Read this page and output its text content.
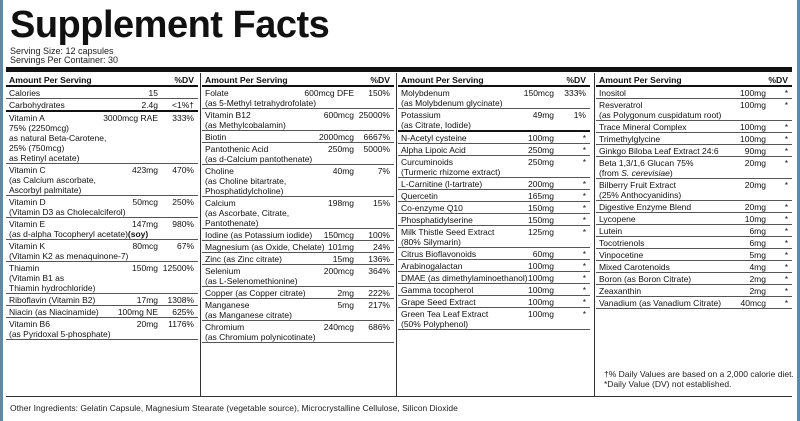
Supplement Facts
Serving Size: 12 capsules
Servings Per Container: 30
Amount Per Serving	%DV
Calories	15
Carbohydrates	2.4g <1%†
Vitamin A
75% (2250mcg)
as natural Beta-Carotene,
25% (750mcg)
as Retinyl acetate)
3000mcg RAE 333%
Vitamin C
(as Calcium ascorbate,
Ascorbyl palmitate)
423mg 470%
Vitamin D
(Vitamin D3 as Cholecalciferol)
50mcg 250%
Vitamin E
(as d-alpha Tocopheryl acetate)(soy)
147mg 980%
Vitamin K
(Vitamin K2 as menaquinone-7)
80mcg 67%
Thiamin
(Vitamin B1 as
Thiamin hydrochloride)
150mg 12500%
Riboflavin (Vitamin B2)	17mg 1308%
Niacin (as Niacinamide)	100mg NE 625%
Vitamin B6
(as Pyridoxal 5-phosphate)
20mg 1176%
Amount Per Serving	%DV
Folate
(as 5-Methyl tetrahydrofolate)
600mcg DFE 150%
Vitamin B12
(as Methylcobalamin)
600mcg 25000%
Biotin	2000mcg 6667%
Pantothenic Acid
(as d-Calcium pantothenate)
250mg 5000%
Choline
(as Choline bitartrate,
Phosphatidylcholine)
40mg	7%
Calcium
(as Ascorbate, Citrate,
Pantothenate)
198mg 15%
Iodine (as Potassium iodide)	150mcg 100%
Magnesium (as Oxide, Chelate) 101mg 24%
Zinc (as Zinc citrate)	15mg 136%
Selenium
(as L-Selenomethionine)
200mcg 364%
Copper (as Copper citrate)	2mg 222%
Manganese
(as Manganese citrate)
5mg 217%
Chromium
(as Chromium polynicotinate)
240mcg 686%
Amount Per Serving	%DV
Molybdenum
(as Molybdenum glycinate)
150mcg 333%
Potassium
(as Citrate, Iodide)
49mg 1%
N-Acetyl cysteine	100mg	*
Alpha Lipoic Acid	250mg	*
Curcuminoids
(Turmeric rhizome extract)
250mg	*
L-Carnitine (l-tartrate)	200mg	*
Quercetin	165mg	*
Co-enzyme Q10	150mg	*
Phosphatidylserine	150mg	*
Milk Thistle Seed Extract
(80% Silymarin)
125mg	*
Citrus Bioflavonoids	60mg	*
Arabinogalactan	100mg	*
DMAE (as dimethylaminoethanol) 100mg	*
Gamma tocopherol	100mg	*
Grape Seed Extract	100mg	*
Green Tea Leaf Extract
(50% Polyphenol)
100mg	*
Amount Per Serving	%DV
Inositol	100mg *
Resveratrol
(as Polygonum cuspidatum root)
100mg *
Trace Mineral Complex	100mg *
Trimethylglycine	100mg *
Ginkgo Biloba Leaf Extract 24:6	90mg *
Beta 1,3/1,6 Glucan 75%
(from S. cerevisiae)
20mg *
Bilberry Fruit Extract
(25% Anthocyanidins)
20mg *
Digestive Enzyme Blend	20mg *
Lycopene	10mg *
Lutein	6mg *
Tocotrienols	6mg *
Vinpocetine	5mg *
Mixed Carotenoids	4mg *
Boron (as Boron Citrate)	2mg *
Zeaxanthin	2mg *
Vanadium (as Vanadium Citrate)	40mcg *
†% Daily Values are based on a 2,000 calorie diet.
*Daily Value (DV) not established.
Other Ingredients: Gelatin Capsule, Magnesium Stearate (vegetable source), Microcrystalline Cellulose, Silicon Dioxide
